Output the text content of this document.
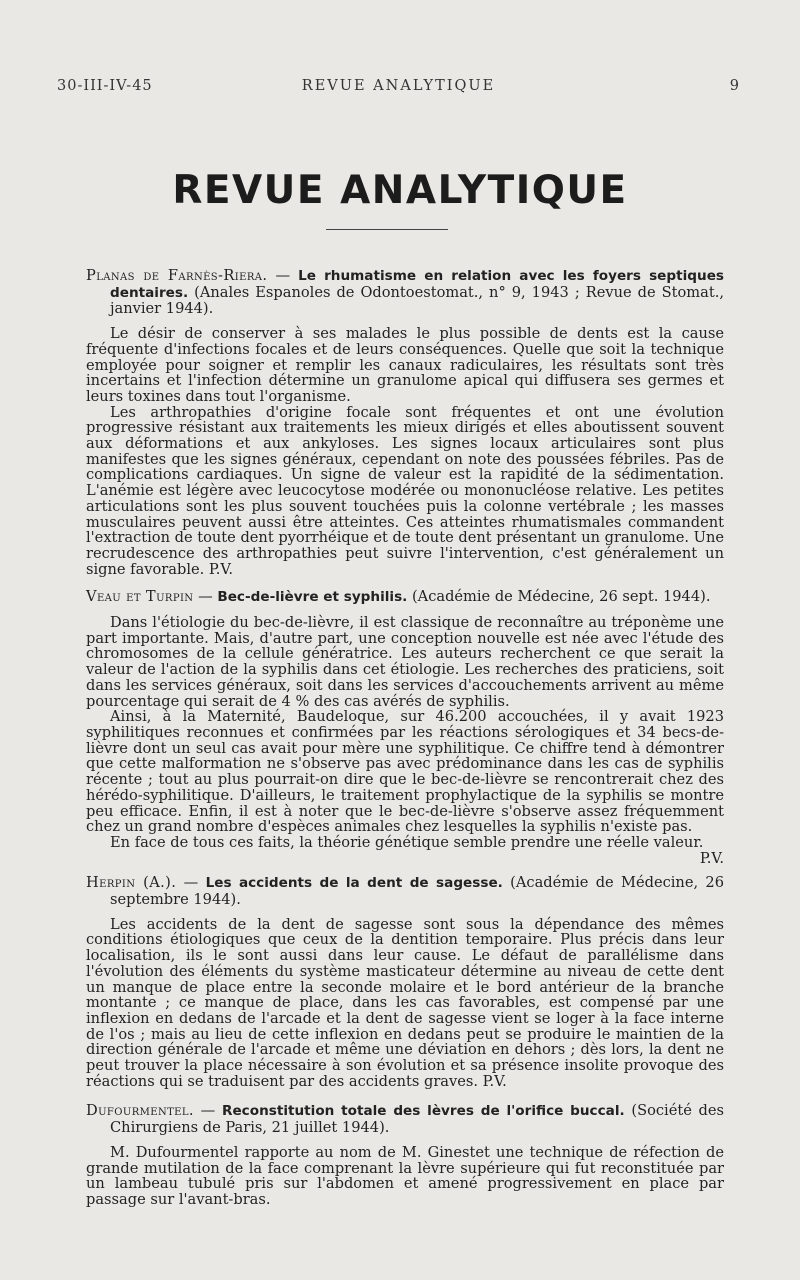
30-III-IV-45	REVUE ANALYTIQUE	9
REVUE ANALYTIQUE

Planas de Farnès-Riera. — Le rhumatisme en relation avec les foyers septiques dentaires. (Anales Espanoles de Odontoestomat., n° 9, 1943 ; Revue de Stomat., janvier 1944).

Le désir de conserver à ses malades le plus possible de dents est la cause fréquente d'infections focales et de leurs conséquences. Quelle que soit la technique employée pour soigner et remplir les canaux radiculaires, les résultats sont très incertains et l'infection détermine un granulome apical qui diffusera ses germes et leurs toxines dans tout l'organisme.

Les arthropathies d'origine focale sont fréquentes et ont une évolution progressive résistant aux traitements les mieux dirigés et elles aboutissent souvent aux déformations et aux ankyloses. Les signes locaux articulaires sont plus manifestes que les signes généraux, cependant on note des poussées fébriles. Pas de complications cardiaques. Un signe de valeur est la rapidité de la sédimentation. L'anémie est légère avec leucocytose modérée ou mononucléose relative. Les petites articulations sont les plus souvent touchées puis la colonne vertébrale ; les masses musculaires peuvent aussi être atteintes. Ces atteintes rhumatismales commandent l'extraction de toute dent pyorrhéique et de toute dent présentant un granulome. Une recrudescence des arthropathies peut suivre l'intervention, c'est généralement un signe favorable. P.V.

Veau et Turpin — Bec-de-lièvre et syphilis. (Académie de Médecine, 26 sept. 1944).

Dans l'étiologie du bec-de-lièvre, il est classique de reconnaître au tréponème une part importante. Mais, d'autre part, une conception nouvelle est née avec l'étude des chromosomes de la cellule génératrice. Les auteurs recherchent ce que serait la valeur de l'action de la syphilis dans cet étiologie. Les recherches des praticiens, soit dans les services généraux, soit dans les services d'accouchements arrivent au même pourcentage qui serait de 4 % des cas avérés de syphilis.

Ainsi, à la Maternité, Baudeloque, sur 46.200 accouchées, il y avait 1923 syphilitiques reconnues et confirmées par les réactions sérologiques et 34 becs-de-lièvre dont un seul cas avait pour mère une syphilitique. Ce chiffre tend à démontrer que cette malformation ne s'observe pas avec prédominance dans les cas de syphilis récente ; tout au plus pourrait-on dire que le bec-de-lièvre se rencontrerait chez des hérédo-syphilitique. D'ailleurs, le traitement prophylactique de la syphilis se montre peu efficace. Enfin, il est à noter que le bec-de-lièvre s'observe assez fréquemment chez un grand nombre d'espèces animales chez lesquelles la syphilis n'existe pas.

En face de tous ces faits, la théorie génétique semble prendre une réelle valeur.

P.V.

Herpin (A.). — Les accidents de la dent de sagesse. (Académie de Médecine, 26 septembre 1944).

Les accidents de la dent de sagesse sont sous la dépendance des mêmes conditions étiologiques que ceux de la dentition temporaire. Plus précis dans leur localisation, ils le sont aussi dans leur cause. Le défaut de parallélisme dans l'évolution des éléments du système masticateur détermine au niveau de cette dent un manque de place entre la seconde molaire et le bord antérieur de la branche montante ; ce manque de place, dans les cas favorables, est compensé par une inflexion en dedans de l'arcade et la dent de sagesse vient se loger à la face interne de l'os ; mais au lieu de cette inflexion en dedans peut se produire le maintien de la direction générale de l'arcade et même une déviation en dehors ; dès lors, la dent ne peut trouver la place nécessaire à son évolution et sa présence insolite provoque des réactions qui se traduisent par des accidents graves. P.V.

Dufourmentel. — Reconstitution totale des lèvres de l'orifice buccal. (Société des Chirurgiens de Paris, 21 juillet 1944).

M. Dufourmentel rapporte au nom de M. Ginestet une technique de réfection de grande mutilation de la face comprenant la lèvre supérieure qui fut reconstituée par un lambeau tubulé pris sur l'abdomen et amené progressivement en place par passage sur l'avant-bras.
